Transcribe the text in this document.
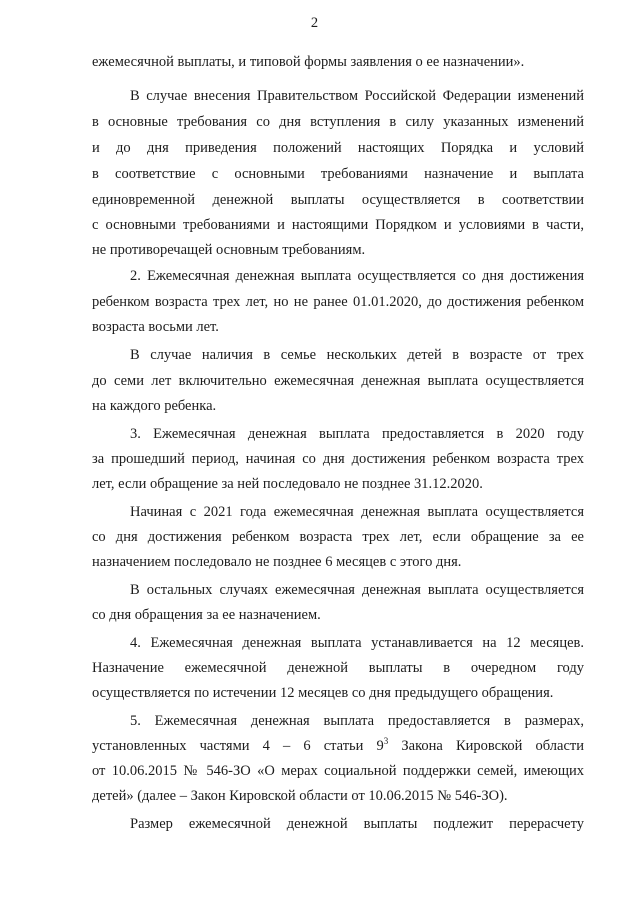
2
ежемесячной выплаты, и типовой формы заявления о ее назначении».
В случае внесения Правительством Российской Федерации изменений
в основные требования со дня вступления в силу указанных изменений
и до дня приведения положений настоящих Порядка и условий
в соответствие с основными требованиями назначение и выплата
единовременной денежной выплаты осуществляется в соответствии
с основными требованиями и настоящими Порядком и условиями в части,
не противоречащей основным требованиям.
2. Ежемесячная денежная выплата осуществляется со дня достижения
ребенком возраста трех лет, но не ранее 01.01.2020, до достижения ребенком
возраста восьми лет.
В случае наличия в семье нескольких детей в возрасте от трех
до семи лет включительно ежемесячная денежная выплата осуществляется
на каждого ребенка.
3. Ежемесячная денежная выплата предоставляется в 2020 году
за прошедший период, начиная со дня достижения ребенком возраста трех
лет, если обращение за ней последовало не позднее 31.12.2020.
Начиная с 2021 года ежемесячная денежная выплата осуществляется
со дня достижения ребенком возраста трех лет, если обращение за ее
назначением последовало не позднее 6 месяцев с этого дня.
В остальных случаях ежемесячная денежная выплата осуществляется
со дня обращения за ее назначением.
4. Ежемесячная денежная выплата устанавливается на 12 месяцев.
Назначение ежемесячной денежной выплаты в очередном году
осуществляется по истечении 12 месяцев со дня предыдущего обращения.
5. Ежемесячная денежная выплата предоставляется в размерах,
установленных частями 4 – 6 статьи $9^3$ Закона Кировской области
от 10.06.2015 № 546-ЗО «О мерах социальной поддержки семей, имеющих
детей» (далее – Закон Кировской области от 10.06.2015 № 546-ЗО).
Размер ежемесячной денежной выплаты подлежит перерасчету
